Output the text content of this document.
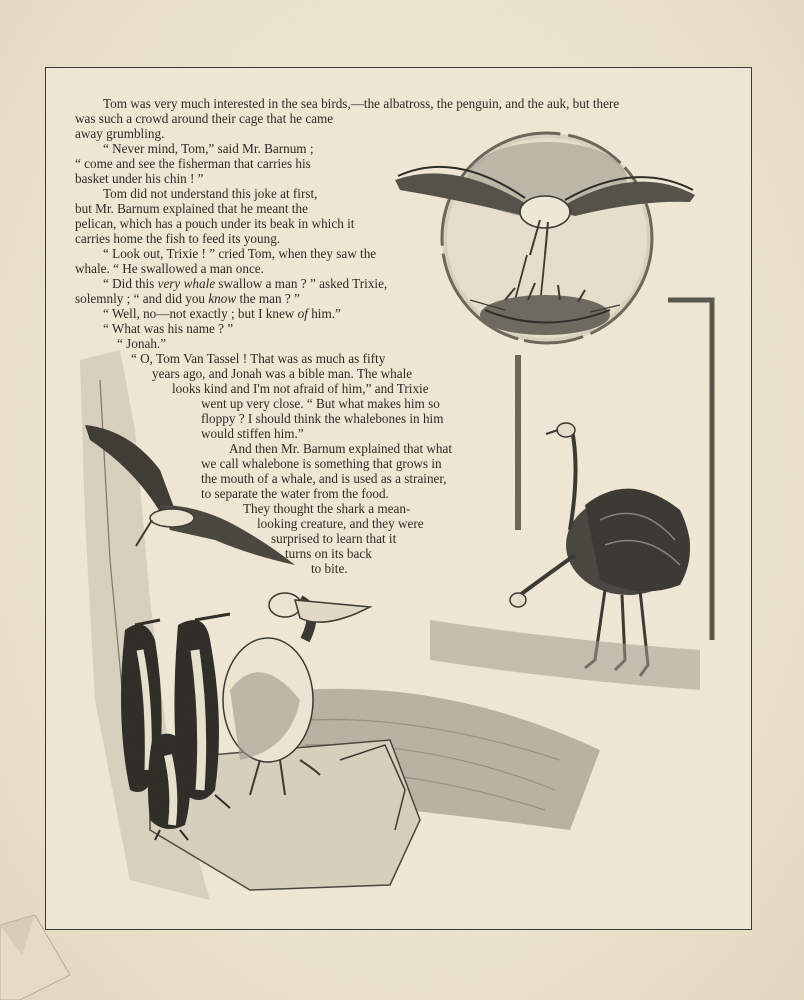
Tom was very much interested in the sea birds,—the albatross, the penguin, and the auk, but there
was such a crowd around their cage that he came
away grumbling.
“ Never mind, Tom,” said Mr. Barnum ;
“ come and see the fisherman that carries his
basket under his chin ! ”
Tom did not understand this joke at first,
but Mr. Barnum explained that he meant the
pelican, which has a pouch under its beak in which it
carries home the fish to feed its young.
“ Look out, Trixie ! ” cried Tom, when they saw the
whale. “ He swallowed a man once.
“ Did this very whale swallow a man ? ” asked Trixie,
solemnly ; “ and did you know the man ? ”
“ Well, no—not exactly ; but I knew of him.”
“ What was his name ? ”
“ Jonah.”
“ O, Tom Van Tassel ! That was as much as fifty
years ago, and Jonah was a bible man. The whale
looks kind and I'm not afraid of him,” and Trixie
went up very close. “ But what makes him so
floppy ? I should think the whalebones in him
would stiffen him.”
And then Mr. Barnum explained that what
we call whalebone is something that grows in
the mouth of a whale, and is used as a strainer,
to separate the water from the food.
They thought the shark a mean-
looking creature, and they were
surprised to learn that it
turns on its back
to bite.
